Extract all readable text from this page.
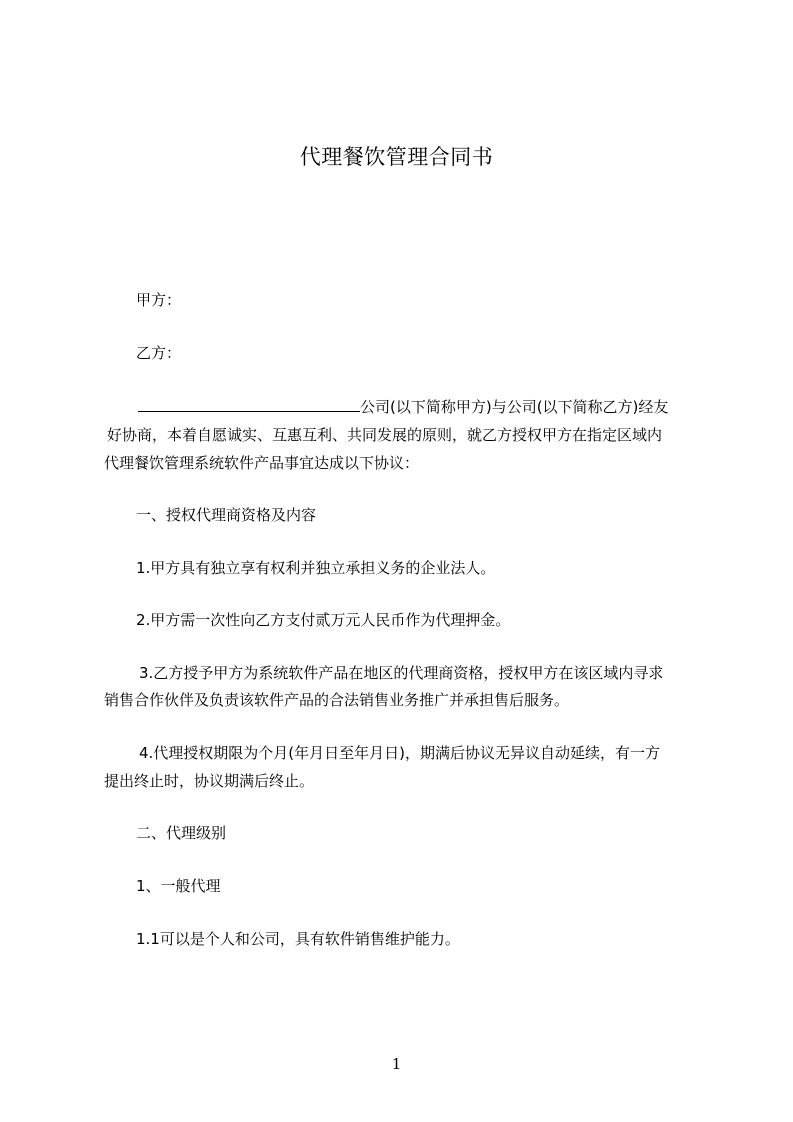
代理餐饮管理合同书
甲方：
乙方：
公司(以下简称甲方)与公司(以下简称乙方)经友
好协商，本着自愿诚实、互惠互利、共同发展的原则，就乙方授权甲方在指定区域内
代理餐饮管理系统软件产品事宜达成以下协议：
一、授权代理商资格及内容
1.甲方具有独立享有权利并独立承担义务的企业法人。
2.甲方需一次性向乙方支付贰万元人民币作为代理押金。
3.乙方授予甲方为系统软件产品在地区的代理商资格，授权甲方在该区域内寻求
销售合作伙伴及负责该软件产品的合法销售业务推广并承担售后服务。
4.代理授权期限为个月(年月日至年月日)，期满后协议无异议自动延续，有一方
提出终止时，协议期满后终止。
二、代理级别
1、一般代理
1.1可以是个人和公司，具有软件销售维护能力。
1
